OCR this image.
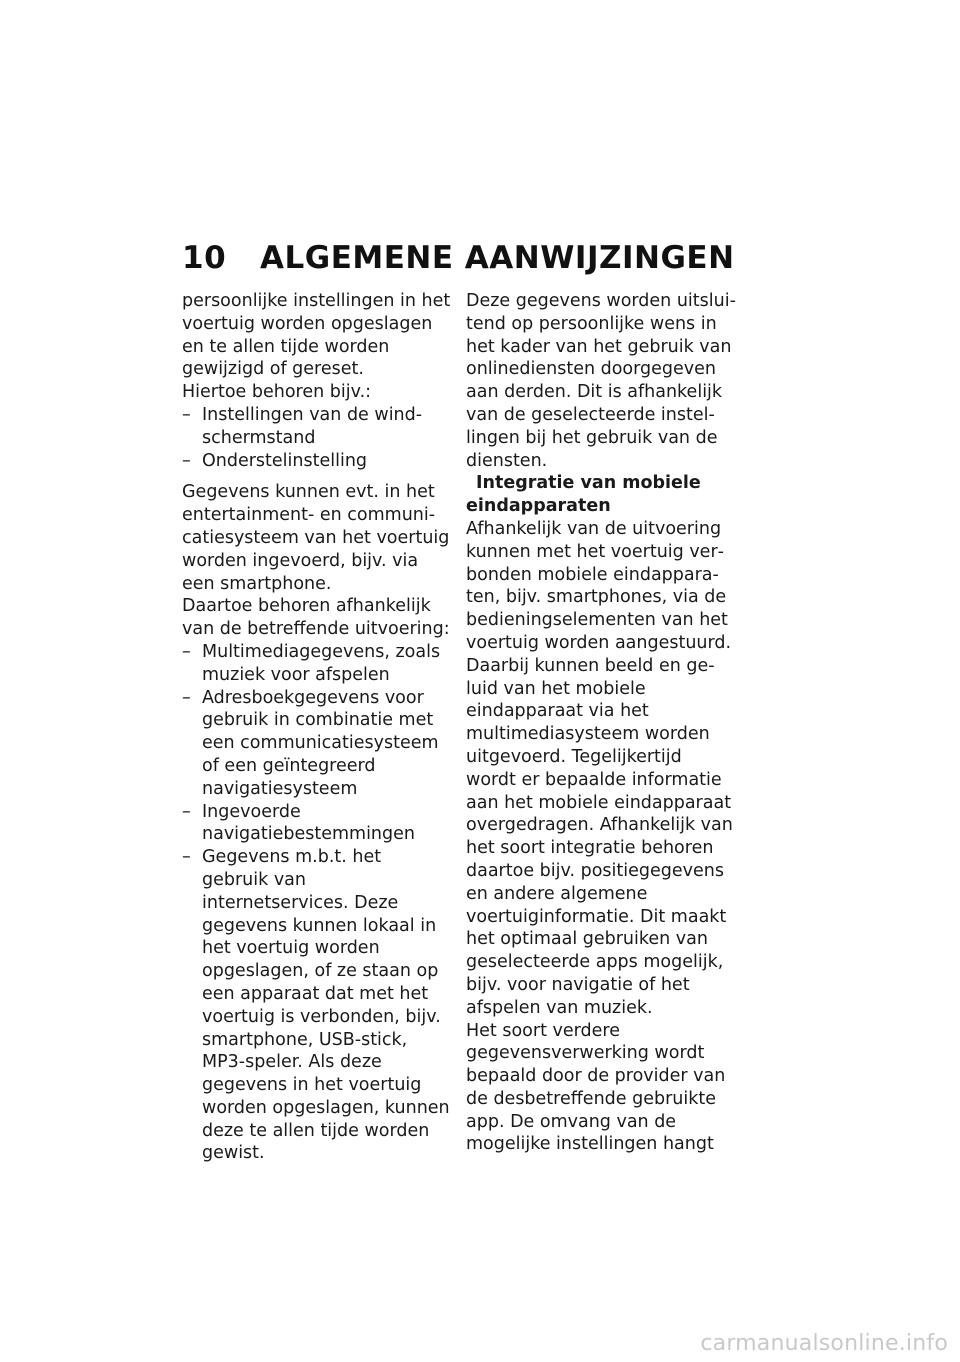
10 ALGEMENE AANWIJZINGEN

persoonlijke instellingen in het voertuig worden opgeslagen en te allen tijde worden gewijzigd of gereset.

Hiertoe behoren bijv.:

– Instellingen van de windschermstand
– Onderstelinstelling

Gegevens kunnen evt. in het entertainment- en communicatiesysteem van het voertuig worden ingevoerd, bijv. via een smartphone.

Daartoe behoren afhankelijk van de betreffende uitvoering:

– Multimediagegevens, zoals muziek voor afspelen
– Adresboekgegevens voor gebruik in combinatie met een communicatiesysteem of een geïntegreerd navigatiesysteem
– Ingevoerde navigatiebestemmingen
– Gegevens m.b.t. het gebruik van internetservices. Deze gegevens kunnen lokaal in het voertuig worden opgeslagen, of ze staan op een apparaat dat met het voertuig is verbonden, bijv. smartphone, USB-stick, MP3-speler. Als deze gegevens in het voertuig worden opgeslagen, kunnen deze te allen tijde worden gewist.

Deze gegevens worden uitsluitend op persoonlijke wens in het kader van het gebruik van onlinediensten doorgegeven aan derden. Dit is afhankelijk van de geselecteerde instellingen bij het gebruik van de diensten.

Integratie van mobiele eindapparaten

Afhankelijk van de uitvoering kunnen met het voertuig verbonden mobiele eindapparaten, bijv. smartphones, via de bedieningselementen van het voertuig worden aangestuurd.

Daarbij kunnen beeld en geluid van het mobiele eindapparaat via het multimediasysteem worden uitgevoerd. Tegelijkertijd wordt er bepaalde informatie aan het mobiele eindapparaat overgedragen. Afhankelijk van het soort integratie behoren daartoe bijv. positiegegevens en andere algemene voertuiginformatie. Dit maakt het optimaal gebruiken van geselecteerde apps mogelijk, bijv. voor navigatie of het afspelen van muziek.

Het soort verdere gegevensverwerking wordt bepaald door de provider van de desbetreffende gebruikte app. De omvang van de mogelijke instellingen hangt

carmanualsonline.info
